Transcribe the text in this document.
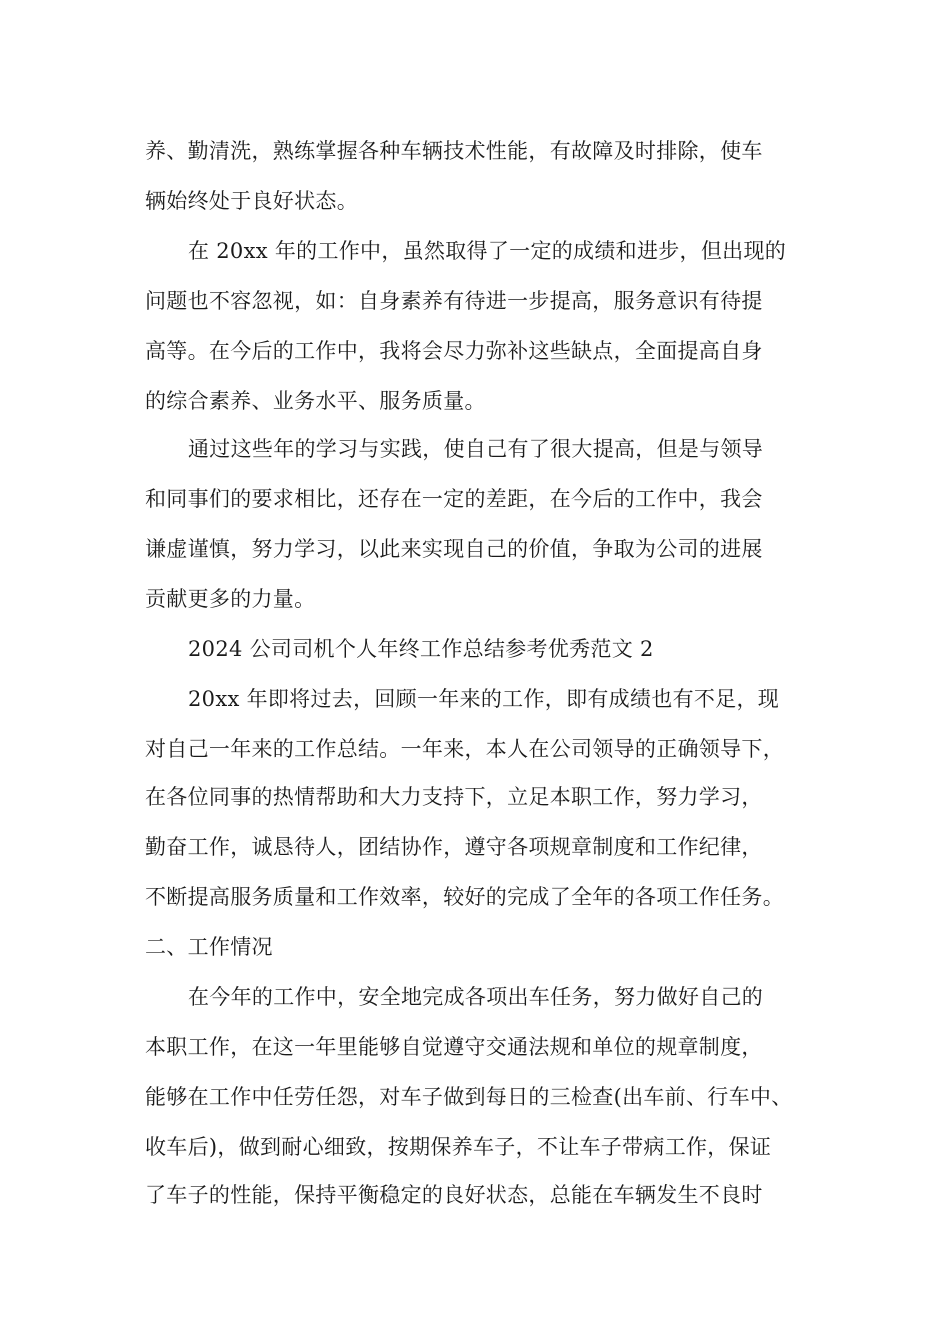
养、勤清洗，熟练掌握各种车辆技术性能，有故障及时排除，使车
辆始终处于良好状态。
在 20xx 年的工作中，虽然取得了一定的成绩和进步，但出现的
问题也不容忽视，如：自身素养有待进一步提高，服务意识有待提
高等。在今后的工作中，我将会尽力弥补这些缺点，全面提高自身
的综合素养、业务水平、服务质量。
通过这些年的学习与实践，使自己有了很大提高，但是与领导
和同事们的要求相比，还存在一定的差距，在今后的工作中，我会
谦虚谨慎，努力学习，以此来实现自己的价值，争取为公司的进展
贡献更多的力量。
2024 公司司机个人年终工作总结参考优秀范文 2
20xx 年即将过去，回顾一年来的工作，即有成绩也有不足，现
对自己一年来的工作总结。一年来，本人在公司领导的正确领导下，
在各位同事的热情帮助和大力支持下，立足本职工作，努力学习，
勤奋工作，诚恳待人，团结协作，遵守各项规章制度和工作纪律，
不断提高服务质量和工作效率，较好的完成了全年的各项工作任务。
二、工作情况
在今年的工作中，安全地完成各项出车任务，努力做好自己的
本职工作，在这一年里能够自觉遵守交通法规和单位的规章制度，
能够在工作中任劳任怨，对车子做到每日的三检查(出车前、行车中、
收车后)，做到耐心细致，按期保养车子，不让车子带病工作，保证
了车子的性能，保持平衡稳定的良好状态，总能在车辆发生不良时
